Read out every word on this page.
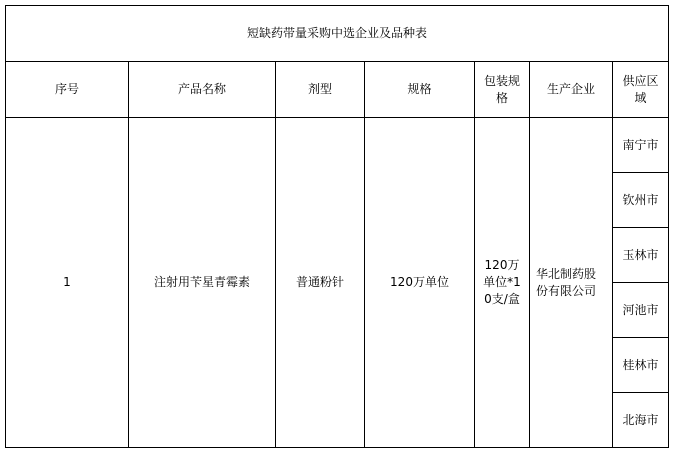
短缺药带量采购中选企业及品种表						
序号	产品名称	剂型	规格	包装规格	生产企业	供应区域
1	注射用苄星青霉素	普通粉针	120万单位	120万单位*10支/盒	华北制药股份有限公司	南宁市
						钦州市
						玉林市
						河池市
						桂林市
						北海市
